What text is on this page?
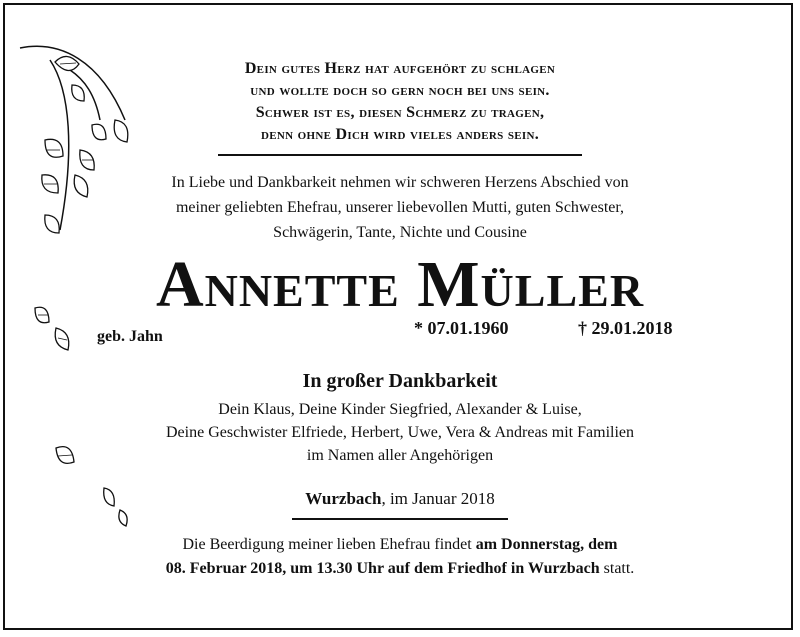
Dein gutes Herz hat aufgehört zu schlagen
und wollte doch so gern noch bei uns sein.
Schwer ist es, diesen Schmerz zu tragen,
denn ohne Dich wird vieles anders sein.
In Liebe und Dankbarkeit nehmen wir schweren Herzens Abschied von
meiner geliebten Ehefrau, unserer liebevollen Mutti, guten Schwester,
Schwägerin, Tante, Nichte und Cousine
Annette Müller
geb. Jahn	* 07.01.1960	† 29.01.2018
In großer Dankbarkeit
Dein Klaus, Deine Kinder Siegfried, Alexander & Luise,
Deine Geschwister Elfriede, Herbert, Uwe, Vera & Andreas mit Familien
im Namen aller Angehörigen
Wurzbach, im Januar 2018
Die Beerdigung meiner lieben Ehefrau findet am Donnerstag, dem
08. Februar 2018, um 13.30 Uhr auf dem Friedhof in Wurzbach statt.
